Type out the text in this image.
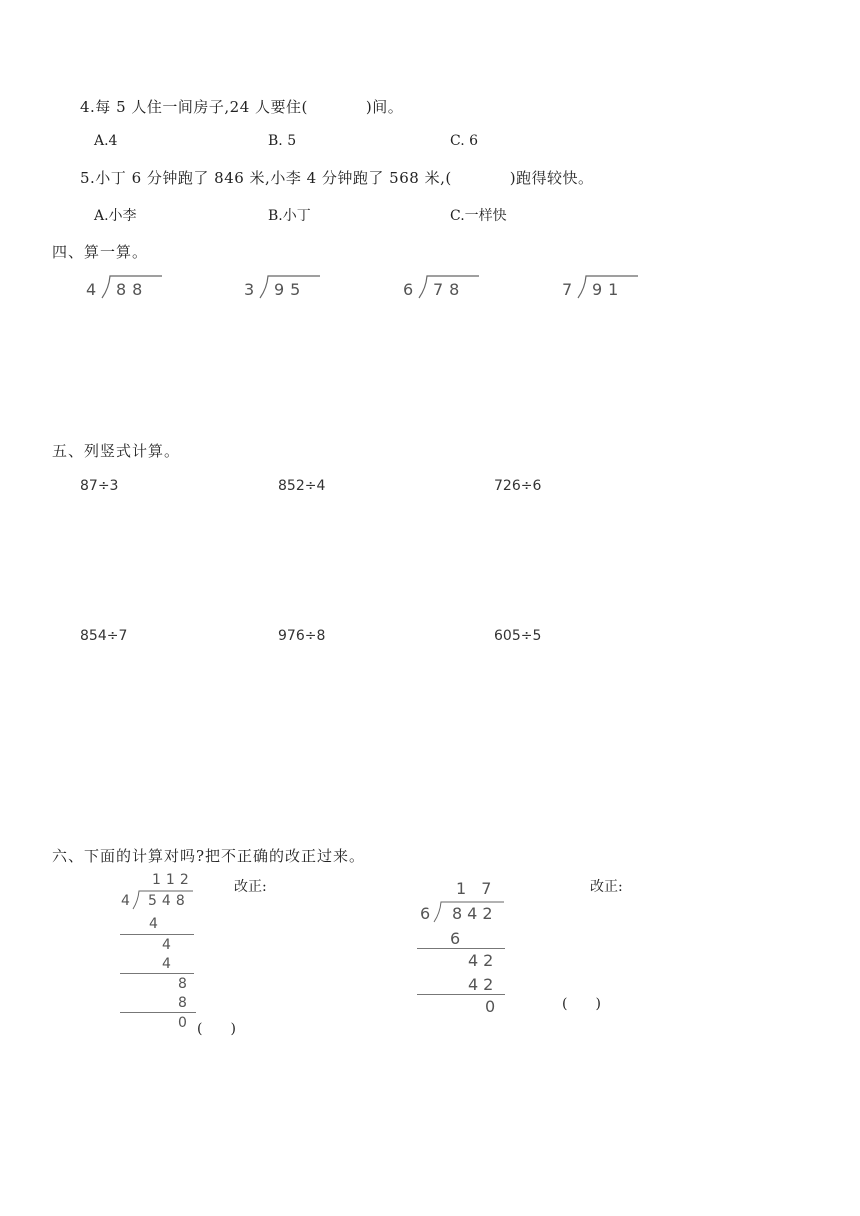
4.每 5 人住一间房子,24 人要住(	)间。
A.4	B. 5	C. 6
5.小丁 6 分钟跑了 846 米,小李 4 分钟跑了 568 米,(	)跑得较快。
A.小李	B.小丁	C.一样快
四、算一算。
4 88	3 95	6 78	7 91
五、列竖式计算。
87÷3	852÷4	726÷6
854÷7	976÷8	605÷5
六、下面的计算对吗?把不正确的改正过来。
112
4 548
4
4
4
8
8
0 (　　)
改正:	1 7
6 842
6
42
42
0	(　　)
改正:
